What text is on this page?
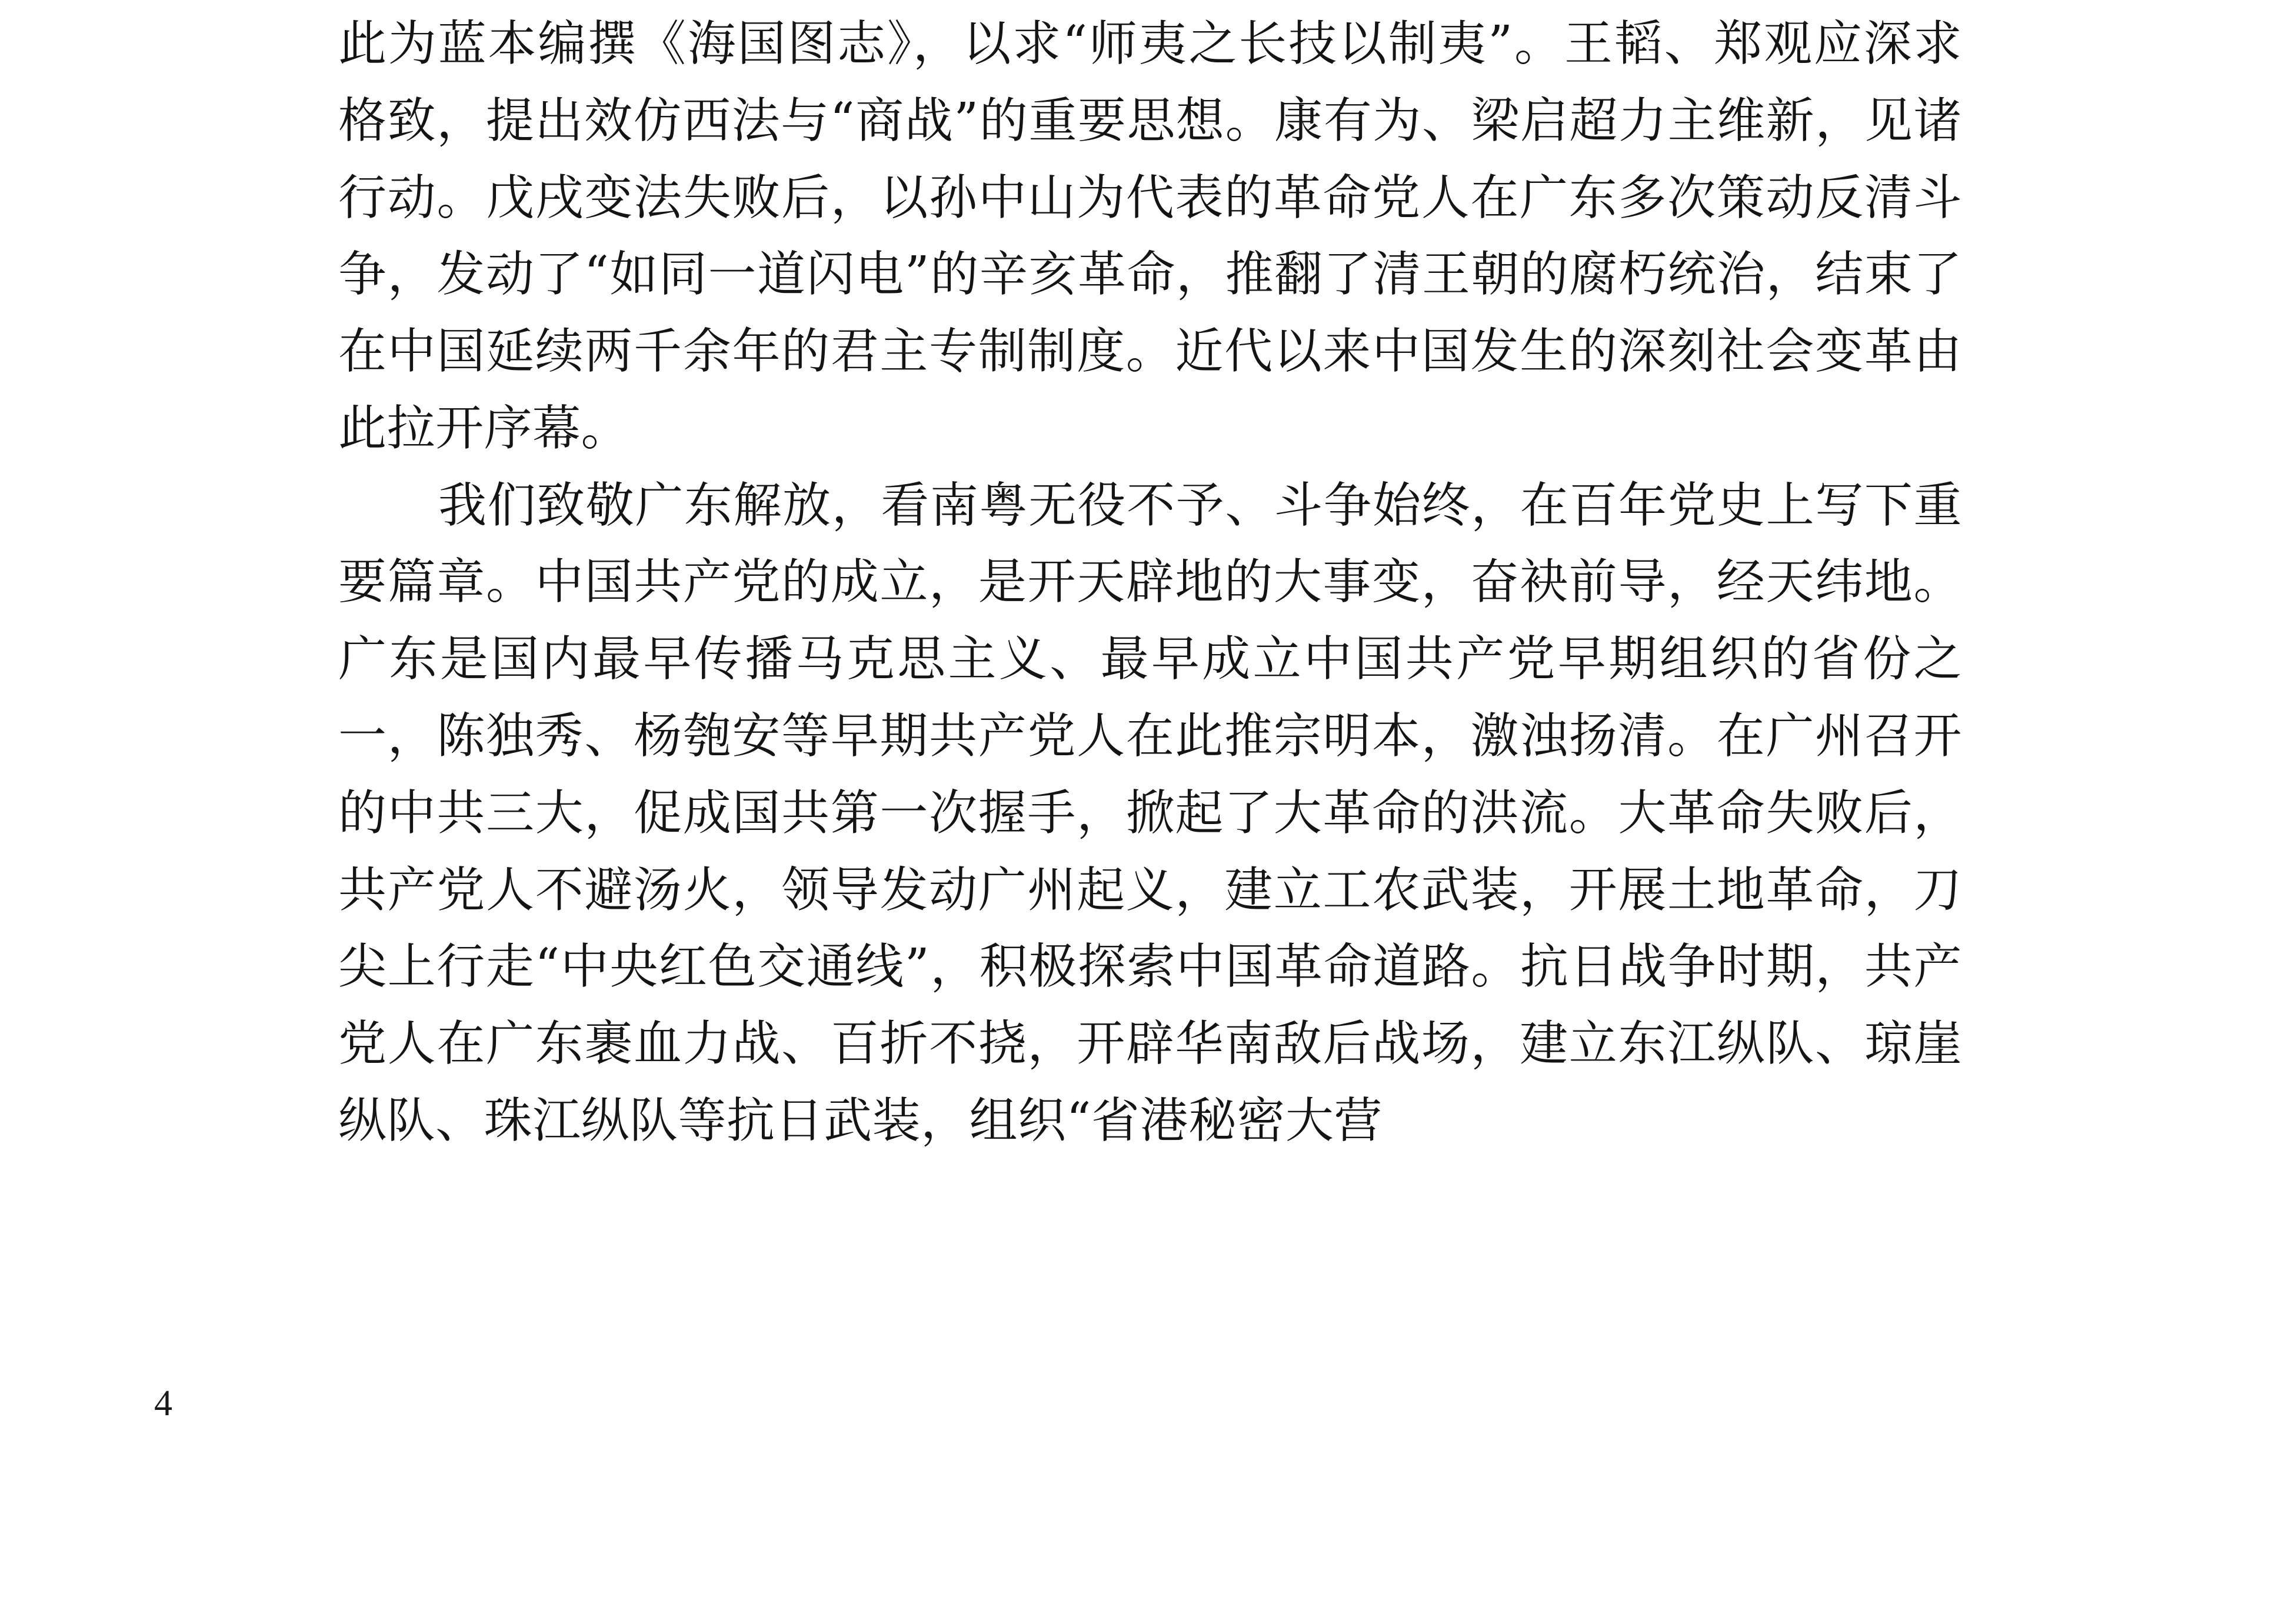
此为蓝本编撰《海国图志》，以求“师夷之长技以制夷”。王韬、郑观应深求格致，提出效仿西法与“商战”的重要思想。康有为、梁启超力主维新，见诸行动。戊戌变法失败后，以孙中山为代表的革命党人在广东多次策动反清斗争，发动了“如同一道闪电”的辛亥革命，推翻了清王朝的腐朽统治，结束了在中国延续两千余年的君主专制制度。近代以来中国发生的深刻社会变革由此拉开序幕。

我们致敬广东解放，看南粤无役不予、斗争始终，在百年党史上写下重要篇章。中国共产党的成立，是开天辟地的大事变，奋袂前导，经天纬地。广东是国内最早传播马克思主义、最早成立中国共产党早期组织的省份之一，陈独秀、杨匏安等早期共产党人在此推宗明本，激浊扬清。在广州召开的中共三大，促成国共第一次握手，掀起了大革命的洪流。大革命失败后，共产党人不避汤火，领导发动广州起义，建立工农武装，开展土地革命，刀尖上行走“中央红色交通线”，积极探索中国革命道路。抗日战争时期，共产党人在广东裹血力战、百折不挠，开辟华南敌后战场，建立东江纵队、琼崖纵队、珠江纵队等抗日武装，组织“省港秘密大营

4
